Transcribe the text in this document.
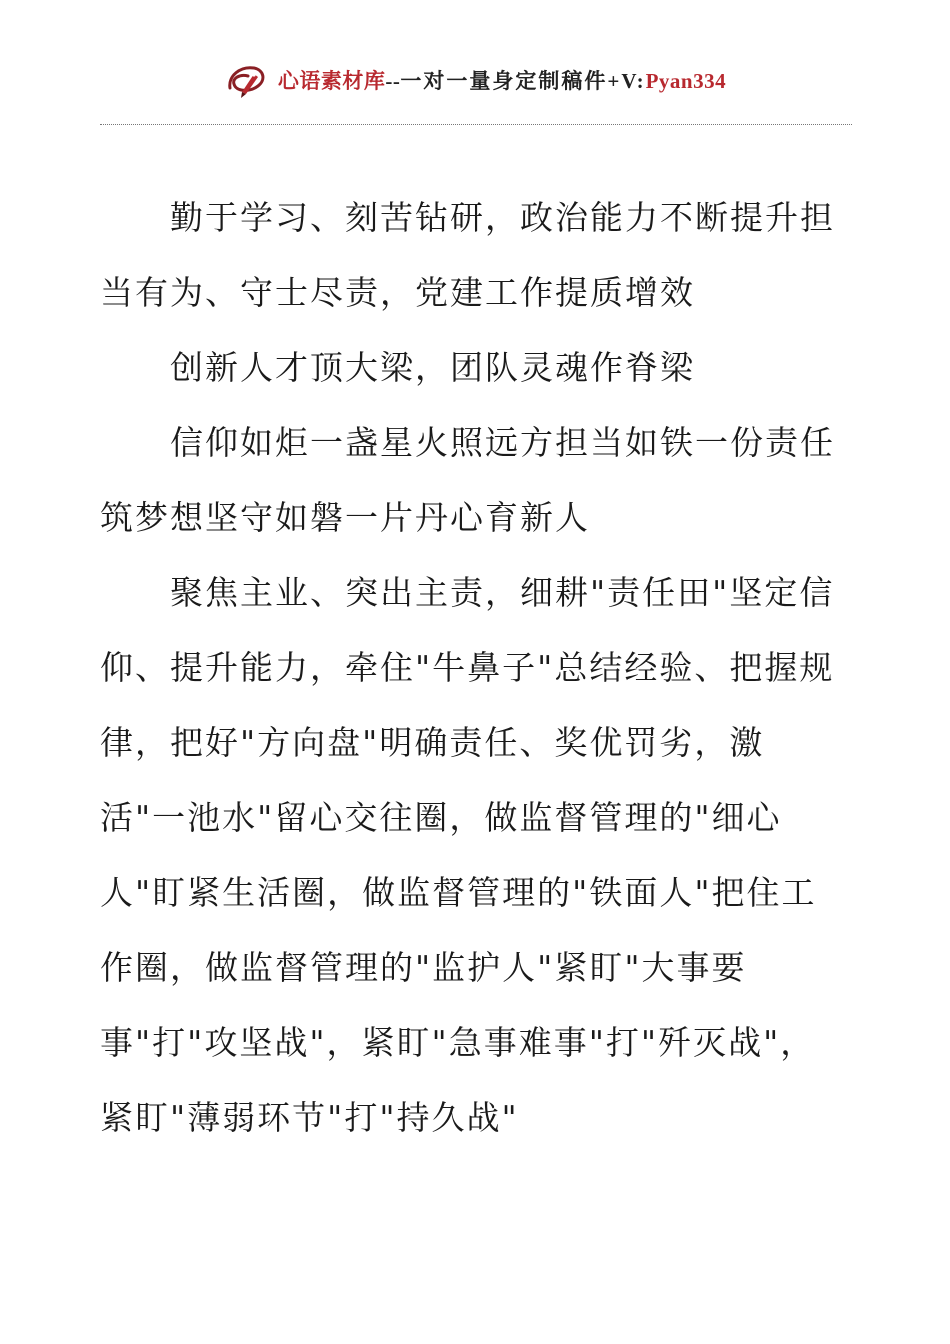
心语素材库--一对一量身定制稿件+V:Pyan334

勤于学习、刻苦钻研，政治能力不断提升担当有为、守士尽责，党建工作提质增效

创新人才顶大梁，团队灵魂作脊梁

信仰如炬一盏星火照远方担当如铁一份责任筑梦想坚守如磐一片丹心育新人

聚焦主业、突出主责，细耕"责任田"坚定信仰、提升能力，牵住"牛鼻子"总结经验、把握规律，把好"方向盘"明确责任、奖优罚劣，激活"一池水"留心交往圈，做监督管理的"细心人"盯紧生活圈，做监督管理的"铁面人"把住工作圈，做监督管理的"监护人"紧盯"大事要事"打"攻坚战"，紧盯"急事难事"打"歼灭战"，紧盯"薄弱环节"打"持久战"
